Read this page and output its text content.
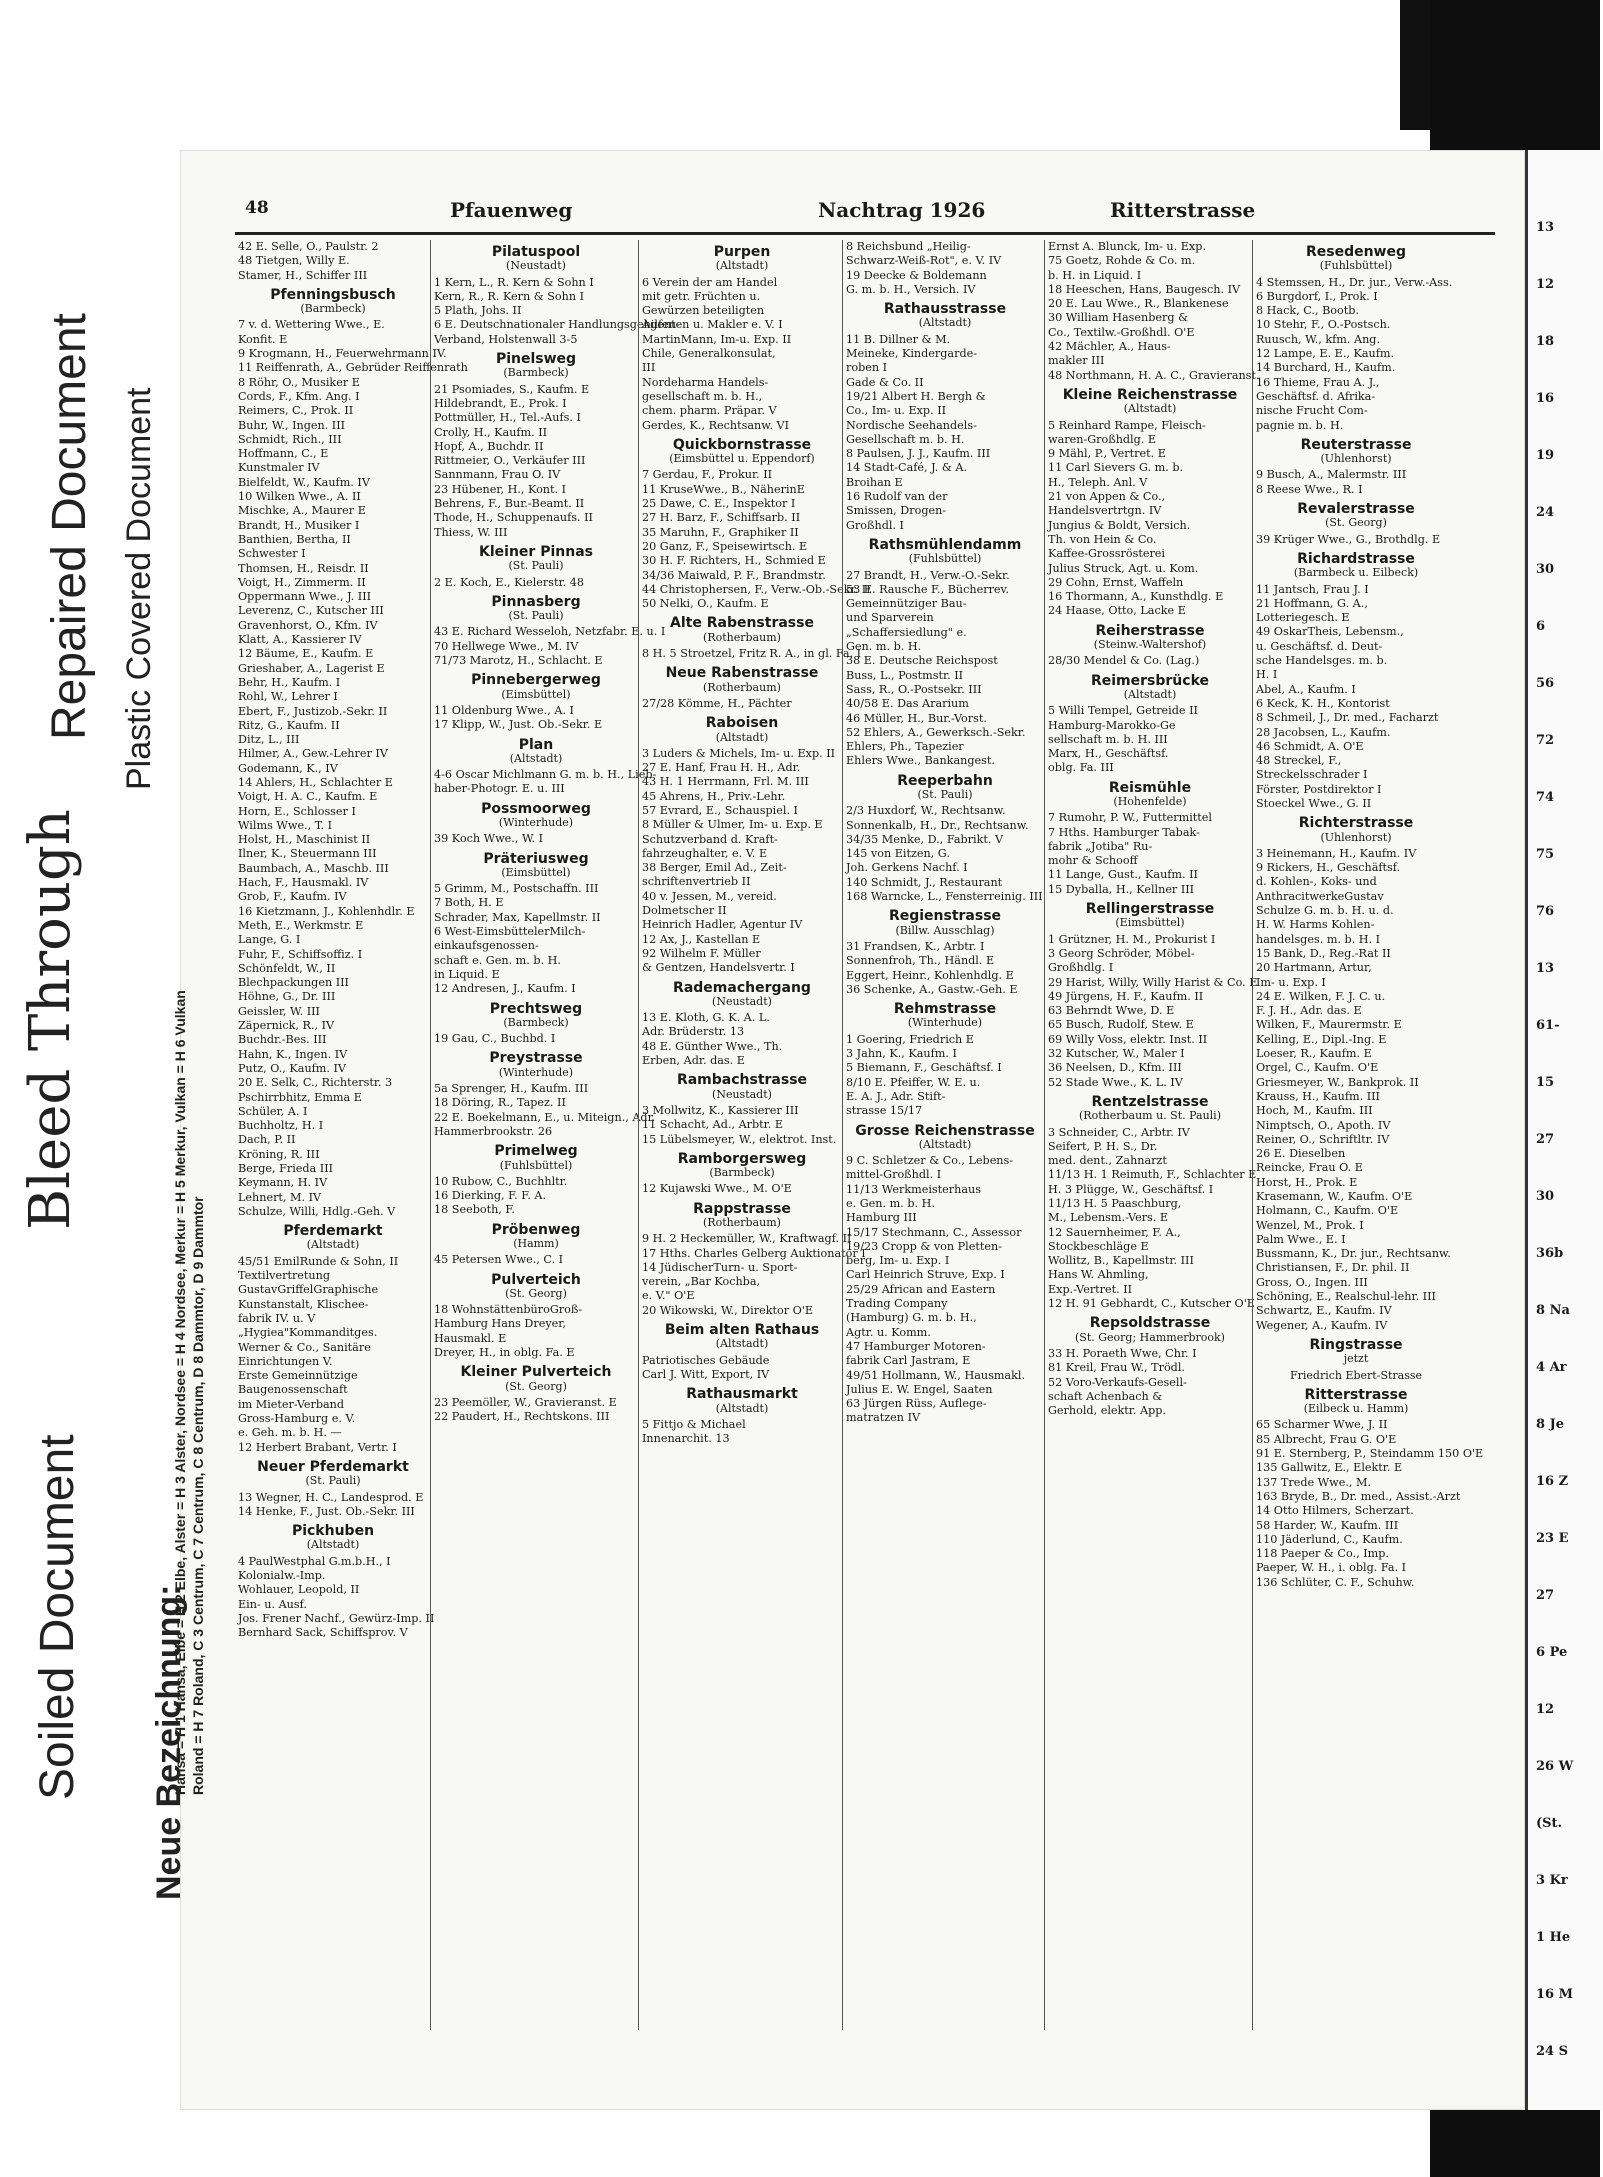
Soiled Document
Bleed Through
Repaired Document Plastic Covered Document
Neue Bezeichnung:
Hansa = H 1 Hansa, Elbe = H 2 Elbe, Alster = H 3 Alster, Nordsee = H 4 Nordsee, Merkur = H 5 Merkur, Vulkan = H 6 Vulkan Roland = H 7 Roland, C 3 Centrum, C 7 Centrum, C 8 Centrum, D 8 Dammtor, D 9 Dammtor
48	Pfauenweg	Nachtrag 1926	Ritterstrasse
42 E. Selle, O., Paulstr. 2
48 Tietgen, Willy E.
Stamer, H., Schiffer III
Pfenningsbusch
(Barmbeck)
7 v. d. Wettering Wwe., E.
Konfit. E
9 Krogmann, H., Feuerwehrmann IV.
11 Reiffenrath, A., Gebrüder Reiffenrath
8 Röhr, O., Musiker E
Cords, F., Kfm. Ang. I
Reimers, C., Prok. II
Buhr, W., Ingen. III
Schmidt, Rich., III
Hoffmann, C., E
Kunstmaler IV
Bielfeldt, W., Kaufm. IV
10 Wilken Wwe., A. II
Mischke, A., Maurer E
Brandt, H., Musiker I
Banthien, Bertha, II
Schwester I
Thomsen, H., Reisdr. II
Voigt, H., Zimmerm. II
Oppermann Wwe., J. III
Leverenz, C., Kutscher III
Gravenhorst, O., Kfm. IV
Klatt, A., Kassierer IV
12 Bäume, E., Kaufm. E
Grieshaber, A., Lagerist E
Behr, H., Kaufm. I
Rohl, W., Lehrer I
Ebert, F., Justizob.-Sekr. II
Ritz, G., Kaufm. II
Ditz, L., III
Hilmer, A., Gew.-Lehrer IV
Godemann, K., IV
14 Ahlers, H., Schlachter E
Voigt, H. A. C., Kaufm. E
Horn, E., Schlosser I
Wilms Wwe., T. I
Holst, H., Maschinist II
Ilner, K., Steuermann III
Baumbach, A., Maschb. III
Hach, F., Hausmakl. IV
Grob, F., Kaufm. IV
16 Kietzmann, J., Kohlenhdlr. E
Meth, E., Werkmstr. E
Lange, G. I
Fuhr, F., Schiffsoffiz. I
Schönfeldt, W., II
Blechpackungen III
Höhne, G., Dr. III
Geissler, W. III
Zäpernick, R., IV
Buchdr.-Bes. III
Hahn, K., Ingen. IV
Putz, O., Kaufm. IV
20 E. Selk, C., Richterstr. 3
Pschirrbhitz, Emma E
Schüler, A. I
Buchholtz, H. I
Dach, P. II
Kröning, R. III
Berge, Frieda III
Keymann, H. IV
Lehnert, M. IV
Schulze, Willi, Hdlg.-Geh. V
Pferdemarkt
(Altstadt)
45/51 EmilRunde & Sohn, II
Textilvertretung
GustavGriffelGraphische
Kunstanstalt, Klischee-
fabrik IV. u. V
„Hygiea"Kommanditges.
Werner & Co., Sanitäre
Einrichtungen V.
Erste Gemeinnützige
Baugenossenschaft
im Mieter-Verband
Gross-Hamburg e. V.
e. Geh. m. b. H. —
12 Herbert Brabant, Vertr. I
Neuer Pferdemarkt
(St. Pauli)
13 Wegner, H. C., Landesprod. E
14 Henke, F., Just. Ob.-Sekr. III
Pickhuben
(Altstadt)
4 PaulWestphal G.m.b.H., I
Kolonialw.-Imp.
Wohlauer, Leopold, II
Ein- u. Ausf.
Jos. Frener Nachf., Gewürz-Imp. II
Bernhard Sack, Schiffsprov. V
Pilatuspool
(Neustadt)
1 Kern, L., R. Kern & Sohn I
Kern, R., R. Kern & Sohn I
5 Plath, Johs. II
6 E. Deutschnationaler Handlungsgehilfen-
Verband, Holstenwall 3-5
Pinelsweg
(Barmbeck)
21 Psomiades, S., Kaufm. E
Hildebrandt, E., Prok. I
Pottmüller, H., Tel.-Aufs. I
Crolly, H., Kaufm. II
Hopf, A., Buchdr. II
Rittmeier, O., Verkäufer III
Sannmann, Frau O. IV
23 Hübener, H., Kont. I
Behrens, F., Bur.-Beamt. II
Thode, H., Schuppenaufs. II
Thiess, W. III
Kleiner Pinnas
(St. Pauli)
2 E. Koch, E., Kielerstr. 48
Pinnasberg
(St. Pauli)
43 E. Richard Wesseloh, Netzfabr. E. u. I
70 Hellwege Wwe., M. IV
71/73 Marotz, H., Schlacht. E
Pinnebergerweg
(Eimsbüttel)
11 Oldenburg Wwe., A. I
17 Klipp, W., Just. Ob.-Sekr. E
Plan
(Altstadt)
4-6 Oscar Michlmann G. m. b. H., Lieb-
haber-Photogr. E. u. III
Possmoorweg
(Winterhude)
39 Koch Wwe., W. I
Präteriusweg
(Eimsbüttel)
5 Grimm, M., Postschaffn. III
7 Both, H. E
Schrader, Max, Kapellmstr. II
6 West-EimsbüttelerMilch-
einkaufsgenossen-
schaft e. Gen. m. b. H.
in Liquid. E
12 Andresen, J., Kaufm. I
Prechtsweg
(Barmbeck)
19 Gau, C., Buchbd. I
Preystrasse
(Winterhude)
5a Sprenger, H., Kaufm. III
18 Döring, R., Tapez. II
22 E. Boekelmann, E., u. Miteign., Adr.
Hammerbrookstr. 26
Primelweg
(Fuhlsbüttel)
10 Rubow, C., Buchhltr.
16 Dierking, F. F. A.
18 Seeboth, F.
Pröbenweg
(Hamm)
45 Petersen Wwe., C. I
Pulverteich
(St. Georg)
18 WohnstättenbüroGroß-
Hamburg Hans Dreyer,
Hausmakl. E
Dreyer, H., in oblg. Fa. E
Kleiner Pulverteich
(St. Georg)
23 Peemöller, W., Gravieranst. E
22 Paudert, H., Rechtskons. III
Purpen
(Altstadt)
6 Verein der am Handel
mit getr. Früchten u.
Gewürzen beteiligten
Agenten u. Makler e. V. I
MartinMann, Im-u. Exp. II
Chile, Generalkonsulat,
III
Nordeharma Handels-
gesellschaft m. b. H.,
chem. pharm. Präpar. V
Gerdes, K., Rechtsanw. VI
Quickbornstrasse
(Eimsbüttel u. Eppendorf)
7 Gerdau, F., Prokur. II
11 KruseWwe., B., NäherinE
25 Dawe, C. E., Inspektor I
27 H. Barz, F., Schiffsarb. II
35 Maruhn, F., Graphiker II
20 Ganz, F., Speisewirtsch. E
30 H. F. Richters, H., Schmied E
34/36 Maiwald, P. F., Brandmstr.
44 Christophersen, F., Verw.-Ob.-Sekr. II
50 Nelki, O., Kaufm. E
Alte Rabenstrasse
(Rotherbaum)
8 H. 5 Stroetzel, Fritz R. A., in gl. Fa. I
Neue Rabenstrasse
(Rotherbaum)
27/28 Kömme, H., Pächter
Raboisen
(Altstadt)
3 Luders & Michels, Im- u. Exp. II
27 E. Hanf, Frau H. H., Adr.
43 H. 1 Herrmann, Frl. M. III
45 Ahrens, H., Priv.-Lehr.
57 Evrard, E., Schauspiel. I
8 Müller & Ulmer, Im- u. Exp. E
Schutzverband d. Kraft-
fahrzeughalter, e. V. E
38 Berger, Emil Ad., Zeit-
schriftenvertrieb II
40 v. Jessen, M., vereid.
Dolmetscher II
Heinrich Hadler, Agentur IV
12 Ax, J., Kastellan E
92 Wilhelm F. Müller
& Gentzen, Handelsvertr. I
Rademachergang
(Neustadt)
13 E. Kloth, G. K. A. L.
Adr. Brüderstr. 13
48 E. Günther Wwe., Th.
Erben, Adr. das. E
Rambachstrasse
(Neustadt)
3 Mollwitz, K., Kassierer III
11 Schacht, Ad., Arbtr. E
15 Lübelsmeyer, W., elektrot. Inst.
Ramborgersweg
(Barmbeck)
12 Kujawski Wwe., M. O'E
Rappstrasse
(Rotherbaum)
9 H. 2 Heckemüller, W., Kraftwagf. II
17 Hths. Charles Gelberg Auktionator I
14 JüdischerTurn- u. Sport-
verein, „Bar Kochba,
e. V." O'E
20 Wikowski, W., Direktor O'E
Beim alten Rathaus
(Altstadt)
Patriotisches Gebäude
Carl J. Witt, Export, IV
Rathausmarkt
(Altstadt)
5 Fittjo & Michael
Innenarchit. 13
8 Reichsbund „Heilig-
Schwarz-Weiß-Rot", e. V. IV
19 Deecke & Boldemann
G. m. b. H., Versich. IV
Rathausstrasse
(Altstadt)
11 B. Dillner & M.
Meineke, Kindergarde-
roben I
Gade & Co. II
19/21 Albert H. Bergh &
Co., Im- u. Exp. II
Nordische Seehandels-
Gesellschaft m. b. H.
8 Paulsen, J. J., Kaufm. III
14 Stadt-Café, J. & A.
Broihan E
16 Rudolf van der
Smissen, Drogen-
Großhdl. I
Rathsmühlendamm
(Fuhlsbüttel)
27 Brandt, H., Verw.-O.-Sekr.
53 E. Rausche F., Bücherrev.
Gemeinnütziger Bau-
und Sparverein
„Schaffersiedlung" e.
Gen. m. b. H.
38 E. Deutsche Reichspost
Buss, L., Postmstr. II
Sass, R., O.-Postsekr. III
40/58 E. Das Ararium
46 Müller, H., Bur.-Vorst.
52 Ehlers, A., Gewerksch.-Sekr.
Ehlers, Ph., Tapezier
Ehlers Wwe., Bankangest.
Reeperbahn
(St. Pauli)
2/3 Huxdorf, W., Rechtsanw.
Sonnenkalb, H., Dr., Rechtsanw.
34/35 Menke, D., Fabrikt. V
145 von Eitzen, G.
Joh. Gerkens Nachf. I
140 Schmidt, J., Restaurant
168 Warncke, L., Fensterreinig. III
Regienstrasse
(Billw. Ausschlag)
31 Frandsen, K., Arbtr. I
Sonnenfroh, Th., Händl. E
Eggert, Heinr., Kohlenhdlg. E
36 Schenke, A., Gastw.-Geh. E
Rehmstrasse
(Winterhude)
1 Goering, Friedrich E
3 Jahn, K., Kaufm. I
5 Biemann, F., Geschäftsf. I
8/10 E. Pfeiffer, W. E. u.
E. A. J., Adr. Stift-
strasse 15/17
Grosse Reichenstrasse
(Altstadt)
9 C. Schletzer & Co., Lebens-
mittel-Großhdl. I
11/13 Werkmeisterhaus
e. Gen. m. b. H.
Hamburg III
15/17 Stechmann, C., Assessor
19/23 Cropp & von Pletten-
berg, Im- u. Exp. I
Carl Heinrich Struve, Exp. I
25/29 African and Eastern
Trading Company
(Hamburg) G. m. b. H.,
Agtr. u. Komm.
47 Hamburger Motoren-
fabrik Carl Jastram, E
49/51 Hollmann, W., Hausmakl.
Julius E. W. Engel, Saaten
63 Jürgen Rüss, Auflege-
matratzen IV
Ernst A. Blunck, Im- u. Exp.
75 Goetz, Rohde & Co. m.
b. H. in Liquid. I
18 Heeschen, Hans, Baugesch. IV
20 E. Lau Wwe., R., Blankenese
30 William Hasenberg &
Co., Textilw.-Großhdl. O'E
42 Mächler, A., Haus-
makler III
48 Northmann, H. A. C., Gravieranst.
Kleine Reichenstrasse
(Altstadt)
5 Reinhard Rampe, Fleisch-
waren-Großhdlg. E
9 Mähl, P., Vertret. E
11 Carl Sievers G. m. b.
H., Teleph. Anl. V
21 von Appen & Co.,
Handelsvertrtgn. IV
Jungius & Boldt, Versich.
Th. von Hein & Co.
Kaffee-Grossrösterei
Julius Struck, Agt. u. Kom.
29 Cohn, Ernst, Waffeln
16 Thormann, A., Kunsthdlg. E
24 Haase, Otto, Lacke E
Reiherstrasse
(Steinw.-Waltershof)
28/30 Mendel & Co. (Lag.)
Reimersbrücke
(Altstadt)
5 Willi Tempel, Getreide II
Hamburg-Marokko-Ge
sellschaft m. b. H. III
Marx, H., Geschäftsf.
oblg. Fa. III
Reismühle
(Hohenfelde)
7 Rumohr, P. W., Futtermittel
7 Hths. Hamburger Tabak-
fabrik „Jotiba" Ru-
mohr & Schooff
11 Lange, Gust., Kaufm. II
15 Dyballa, H., Kellner III
Rellingerstrasse
(Eimsbüttel)
1 Grützner, H. M., Prokurist I
3 Georg Schröder, Möbel-
Großhdlg. I
29 Harist, Willy, Willy Harist & Co. E
49 Jürgens, H. F., Kaufm. II
63 Behrndt Wwe, D. E
65 Busch, Rudolf, Stew. E
69 Willy Voss, elektr. Inst. II
32 Kutscher, W., Maler I
36 Neelsen, D., Kfm. III
52 Stade Wwe., K. L. IV
Rentzelstrasse
(Rotherbaum u. St. Pauli)
3 Schneider, C., Arbtr. IV
Seifert, P. H. S., Dr.
med. dent., Zahnarzt
11/13 H. 1 Reimuth, F., Schlachter E
H. 3 Plügge, W., Geschäftsf. I
11/13 H. 5 Paaschburg,
M., Lebensm.-Vers. E
12 Sauernheimer, F. A.,
Stockbeschläge E
Wollitz, B., Kapellmstr. III
Hans W. Ahmling,
Exp.-Vertret. II
12 H. 91 Gebhardt, C., Kutscher O'E
Repsoldstrasse
(St. Georg; Hammerbrook)
33 H. Poraeth Wwe, Chr. I
81 Kreil, Frau W., Trödl.
52 Voro-Verkaufs-Gesell-
schaft Achenbach &
Gerhold, elektr. App.
Resedenweg
(Fuhlsbüttel)
4 Stemssen, H., Dr. jur., Verw.-Ass.
6 Burgdorf, I., Prok. I
8 Hack, C., Bootb.
10 Stehr, F., O.-Postsch.
Ruusch, W., kfm. Ang.
12 Lampe, E. E., Kaufm.
14 Burchard, H., Kaufm.
16 Thieme, Frau A. J.,
Geschäftsf. d. Afrika-
nische Frucht Com-
pagnie m. b. H.
Reuterstrasse
(Uhlenhorst)
9 Busch, A., Malermstr. III
8 Reese Wwe., R. I
Revalerstrasse
(St. Georg)
39 Krüger Wwe., G., Brothdlg. E
Richardstrasse
(Barmbeck u. Eilbeck)
11 Jantsch, Frau J. I
21 Hoffmann, G. A.,
Lotteriegesch. E
49 OskarTheis, Lebensm.,
u. Geschäftsf. d. Deut-
sche Handelsges. m. b.
H. I
Abel, A., Kaufm. I
6 Keck, K. H., Kontorist
8 Schmeil, J., Dr. med., Facharzt
28 Jacobsen, L., Kaufm.
46 Schmidt, A. O'E
48 Streckel, F.,
Streckelsschrader I
Förster, Postdirektor I
Stoeckel Wwe., G. II
Richterstrasse
(Uhlenhorst)
3 Heinemann, H., Kaufm. IV
9 Rickers, H., Geschäftsf.
d. Kohlen-, Koks- und
AnthracitwerkeGustav
Schulze G. m. b. H. u. d.
H. W. Harms Kohlen-
handelsges. m. b. H. I
15 Bank, D., Reg.-Rat II
20 Hartmann, Artur,
Im- u. Exp. I
24 E. Wilken, F. J. C. u.
F. J. H., Adr. das. E
Wilken, F., Maurermstr. E
Kelling, E., Dipl.-Ing. E
Loeser, R., Kaufm. E
Orgel, C., Kaufm. O'E
Griesmeyer, W., Bankprok. II
Krauss, H., Kaufm. III
Hoch, M., Kaufm. III
Nimptsch, O., Apoth. IV
Reiner, O., Schriftltr. IV
26 E. Dieselben
Reincke, Frau O. E
Horst, H., Prok. E
Krasemann, W., Kaufm. O'E
Holmann, C., Kaufm. O'E
Wenzel, M., Prok. I
Palm Wwe., E. I
Bussmann, K., Dr. jur., Rechtsanw.
Christiansen, F., Dr. phil. II
Gross, O., Ingen. III
Schöning, E., Realschul-lehr. III
Schwartz, E., Kaufm. IV
Wegener, A., Kaufm. IV
Ringstrasse
jetzt
Friedrich Ebert-Strasse
Ritterstrasse
(Eilbeck u. Hamm)
65 Scharmer Wwe, J. II
85 Albrecht, Frau G. O'E
91 E. Sternberg, P., Steindamm 150 O'E
135 Gallwitz, E., Elektr. E
137 Trede Wwe., M.
163 Bryde, B., Dr. med., Assist.-Arzt
14 Otto Hilmers, Scherzart.
58 Harder, W., Kaufm. III
110 Jäderlund, C., Kaufm.
118 Paeper & Co., Imp.
Paeper, W. H., i. oblg. Fa. I
136 Schlüter, C. F., Schuhw.
13
12
18
16
19
24
30
6
56
72
74
75
76
13
61-
15
27
30
36b
8 Na
4 Ar
8 Je
16 Z
23 E
27
6 Pe
12
26 W
(St.
3 Kr
1 He
16 M
24 S
